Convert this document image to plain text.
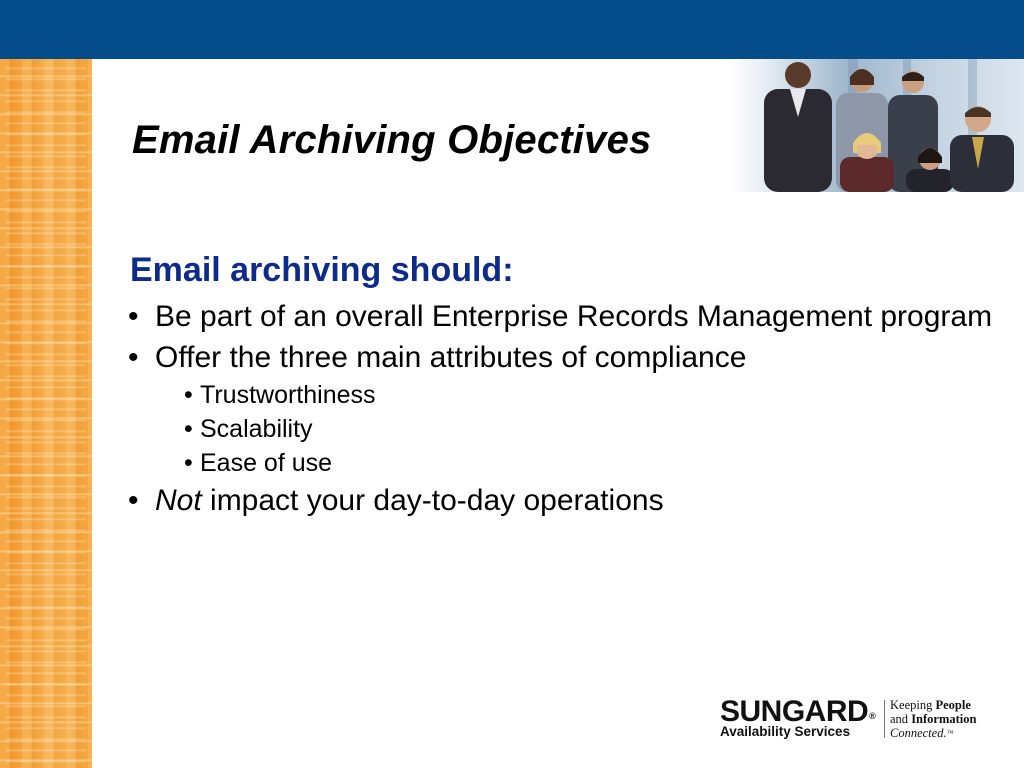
Email Archiving Objectives
Email archiving should:
• Be part of an overall Enterprise Records Management program
• Offer the three main attributes of compliance
• Trustworthiness
• Scalability
• Ease of use
• Not impact your day-to-day operations
SUNGARD®
Availability Services
Keeping People
and Information
Connected.™
